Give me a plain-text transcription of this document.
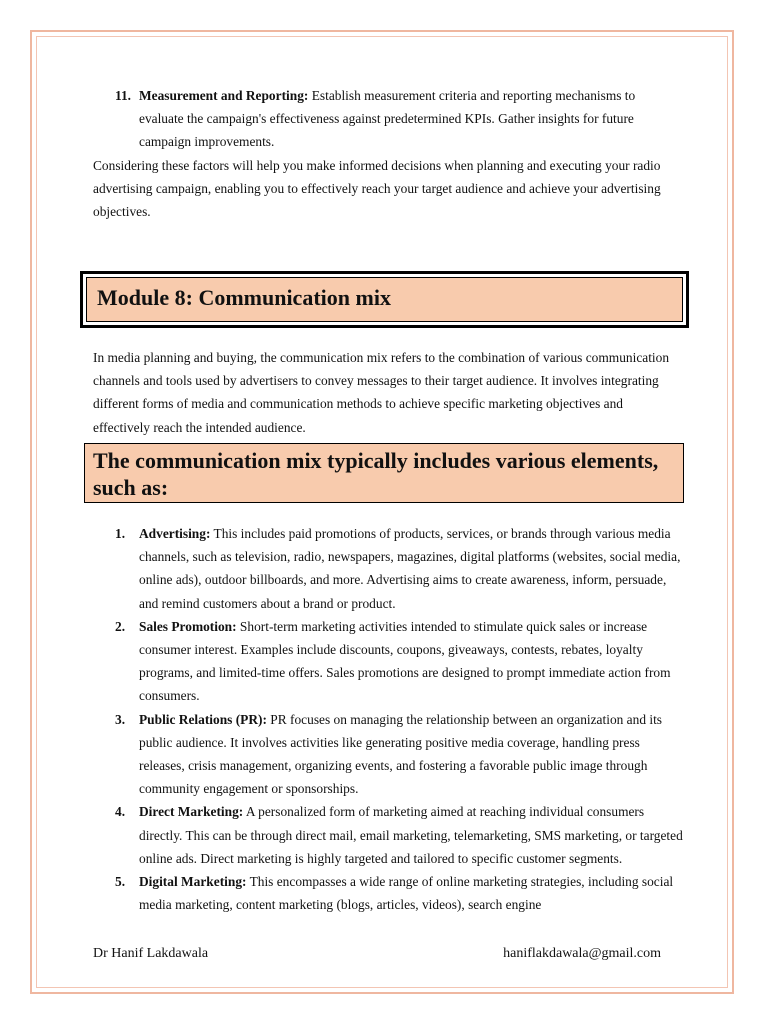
11. Measurement and Reporting: Establish measurement criteria and reporting mechanisms to evaluate the campaign's effectiveness against predetermined KPIs. Gather insights for future campaign improvements.

Considering these factors will help you make informed decisions when planning and executing your radio advertising campaign, enabling you to effectively reach your target audience and achieve your advertising objectives.

Module 8: Communication mix

In media planning and buying, the communication mix refers to the combination of various communication channels and tools used by advertisers to convey messages to their target audience. It involves integrating different forms of media and communication methods to achieve specific marketing objectives and effectively reach the intended audience.

The communication mix typically includes various elements, such as:
1. Advertising: This includes paid promotions of products, services, or brands through various media channels, such as television, radio, newspapers, magazines, digital platforms (websites, social media, online ads), outdoor billboards, and more. Advertising aims to create awareness, inform, persuade, and remind customers about a brand or product.
2. Sales Promotion: Short-term marketing activities intended to stimulate quick sales or increase consumer interest. Examples include discounts, coupons, giveaways, contests, rebates, loyalty programs, and limited-time offers. Sales promotions are designed to prompt immediate action from consumers.
3. Public Relations (PR): PR focuses on managing the relationship between an organization and its public audience. It involves activities like generating positive media coverage, handling press releases, crisis management, organizing events, and fostering a favorable public image through community engagement or sponsorships.
4. Direct Marketing: A personalized form of marketing aimed at reaching individual consumers directly. This can be through direct mail, email marketing, telemarketing, SMS marketing, or targeted online ads. Direct marketing is highly targeted and tailored to specific customer segments.
5. Digital Marketing: This encompasses a wide range of online marketing strategies, including social media marketing, content marketing (blogs, articles, videos), search engine
Dr Hanif Lakdawala	haniflakdawala@gmail.com
